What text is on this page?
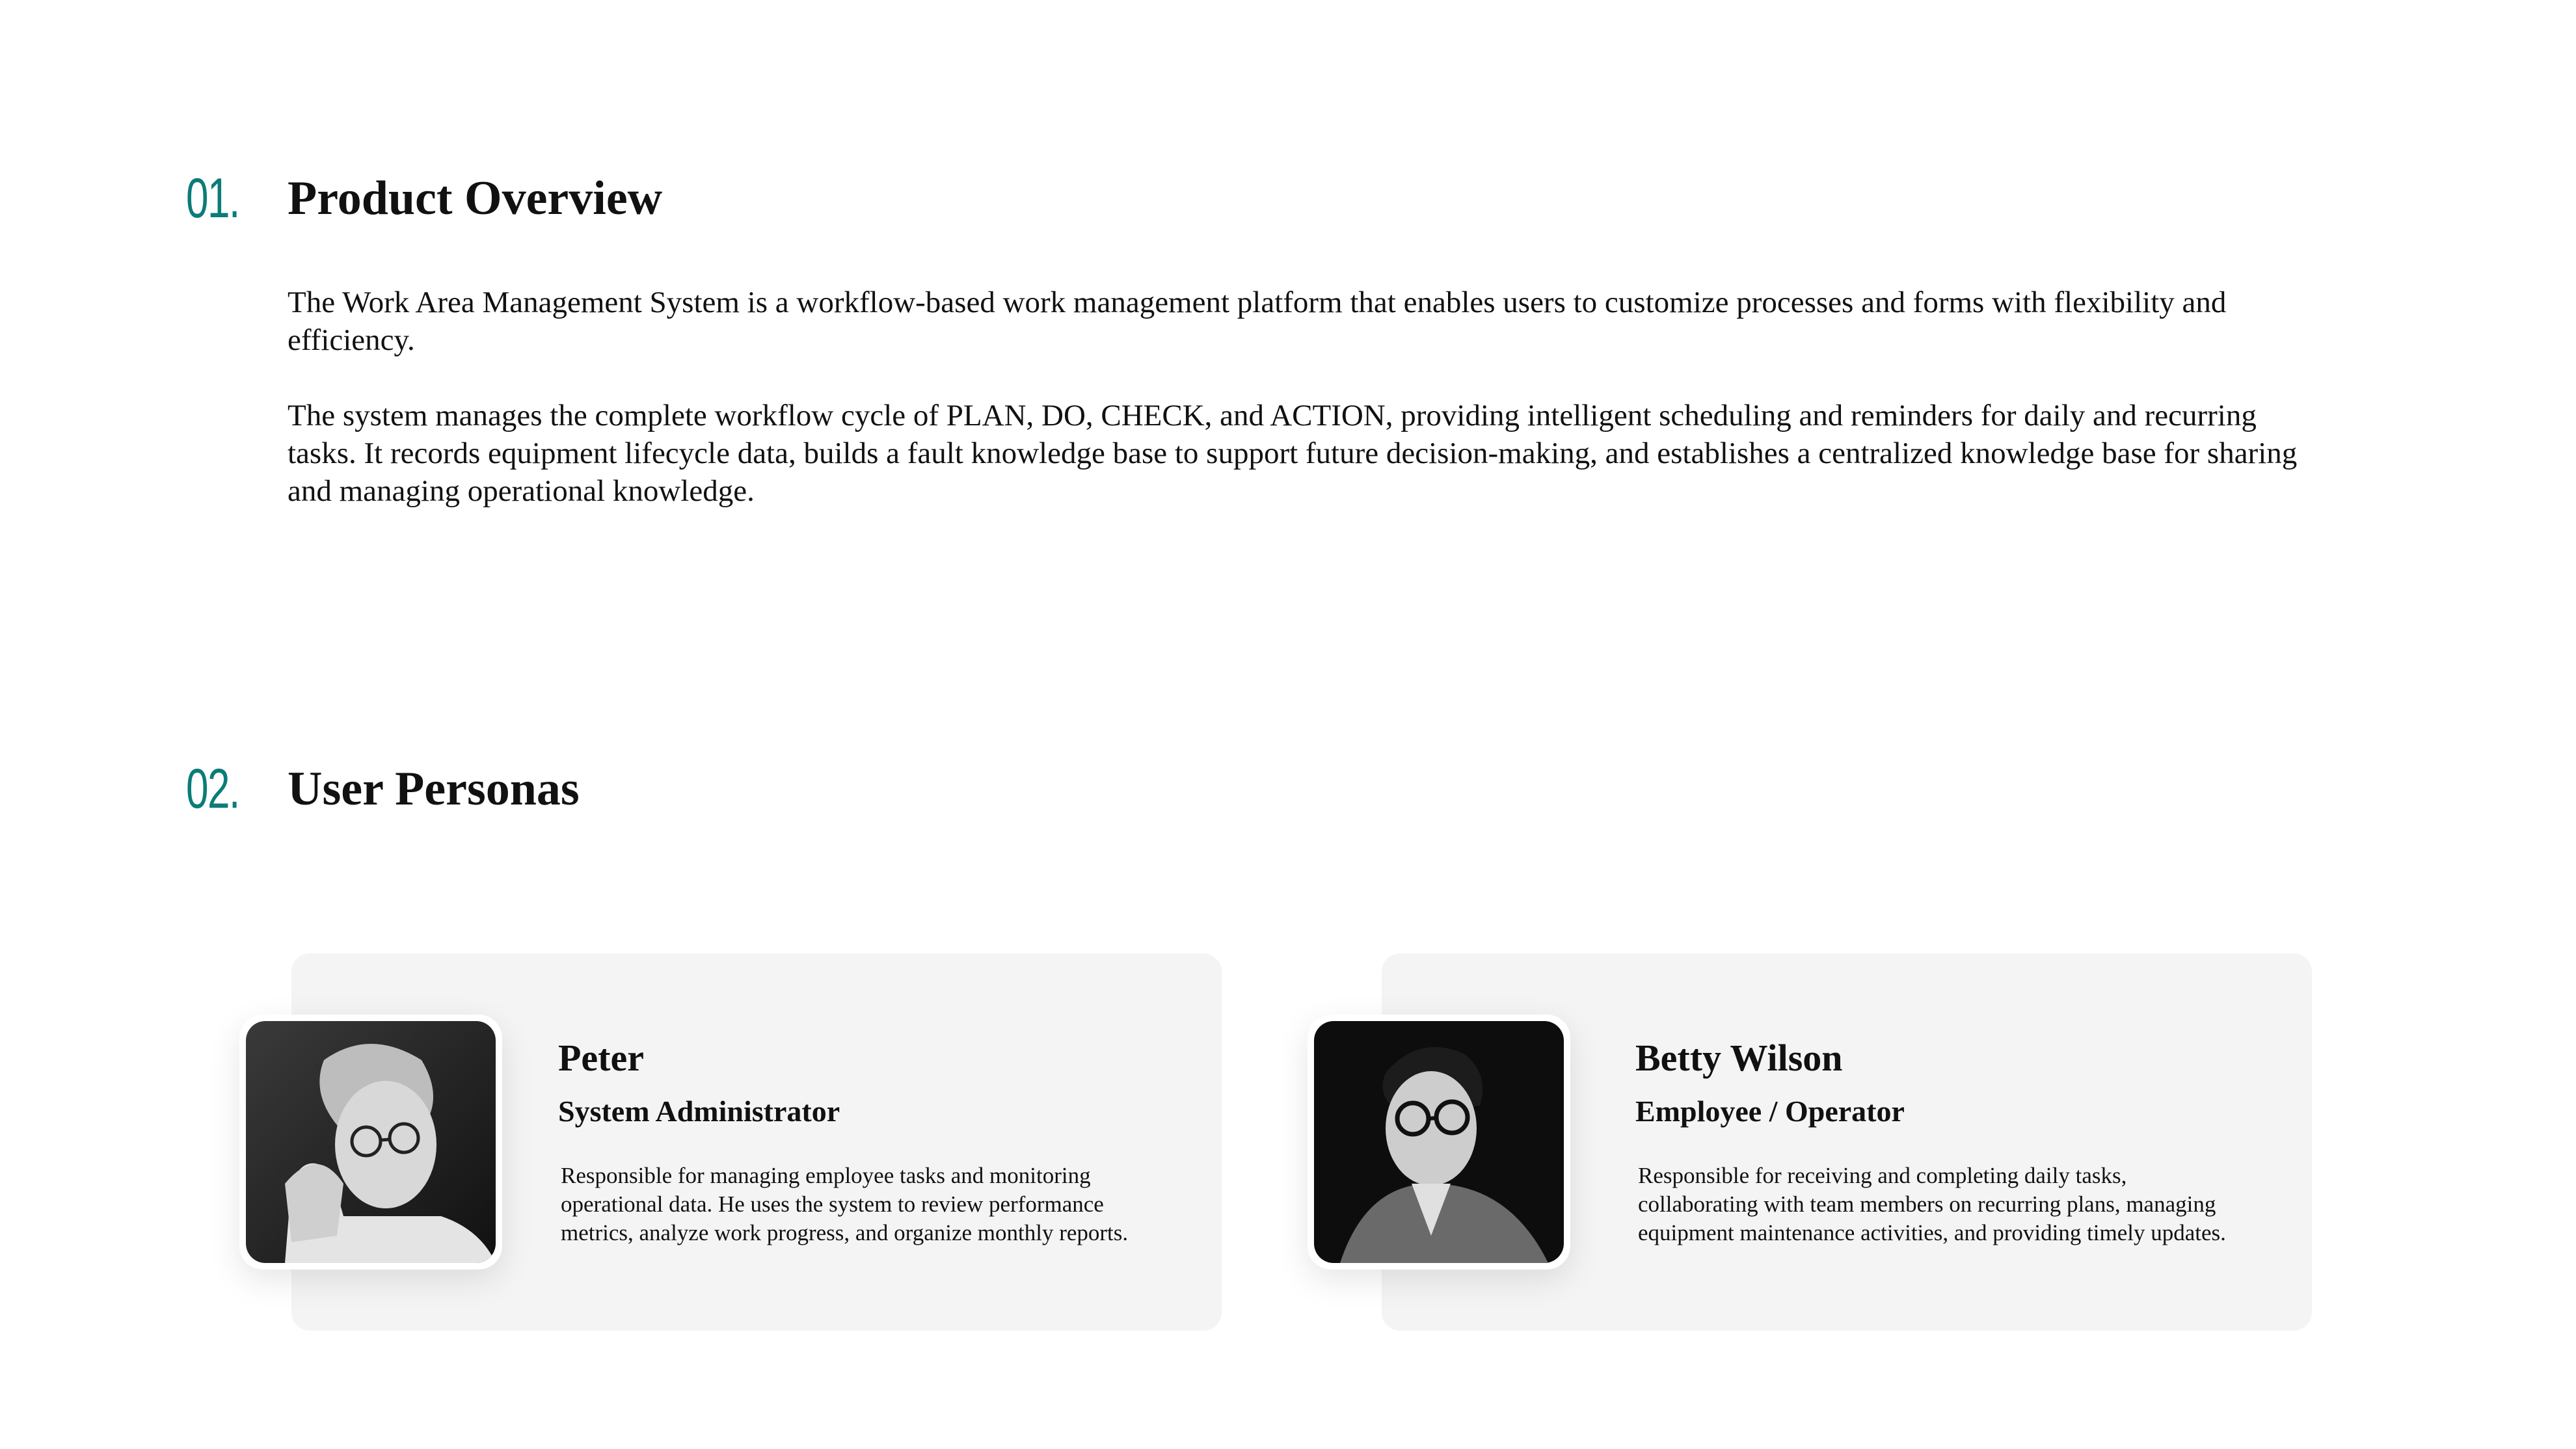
01. Product Overview

The Work Area Management System is a workflow-based work management platform that enables users to customize processes and forms with flexibility and efficiency.

The system manages the complete workflow cycle of PLAN, DO, CHECK, and ACTION, providing intelligent scheduling and reminders for daily and recurring tasks. It records equipment lifecycle data, builds a fault knowledge base to support future decision-making, and establishes a centralized knowledge base for sharing and managing operational knowledge.

02. User Personas
Peter
System Administrator

Responsible for managing employee tasks and monitoring operational data. He uses the system to review performance metrics, analyze work progress, and organize monthly reports.

Betty Wilson
Employee / Operator

Responsible for receiving and completing daily tasks, collaborating with team members on recurring plans, managing equipment maintenance activities, and providing timely updates.
